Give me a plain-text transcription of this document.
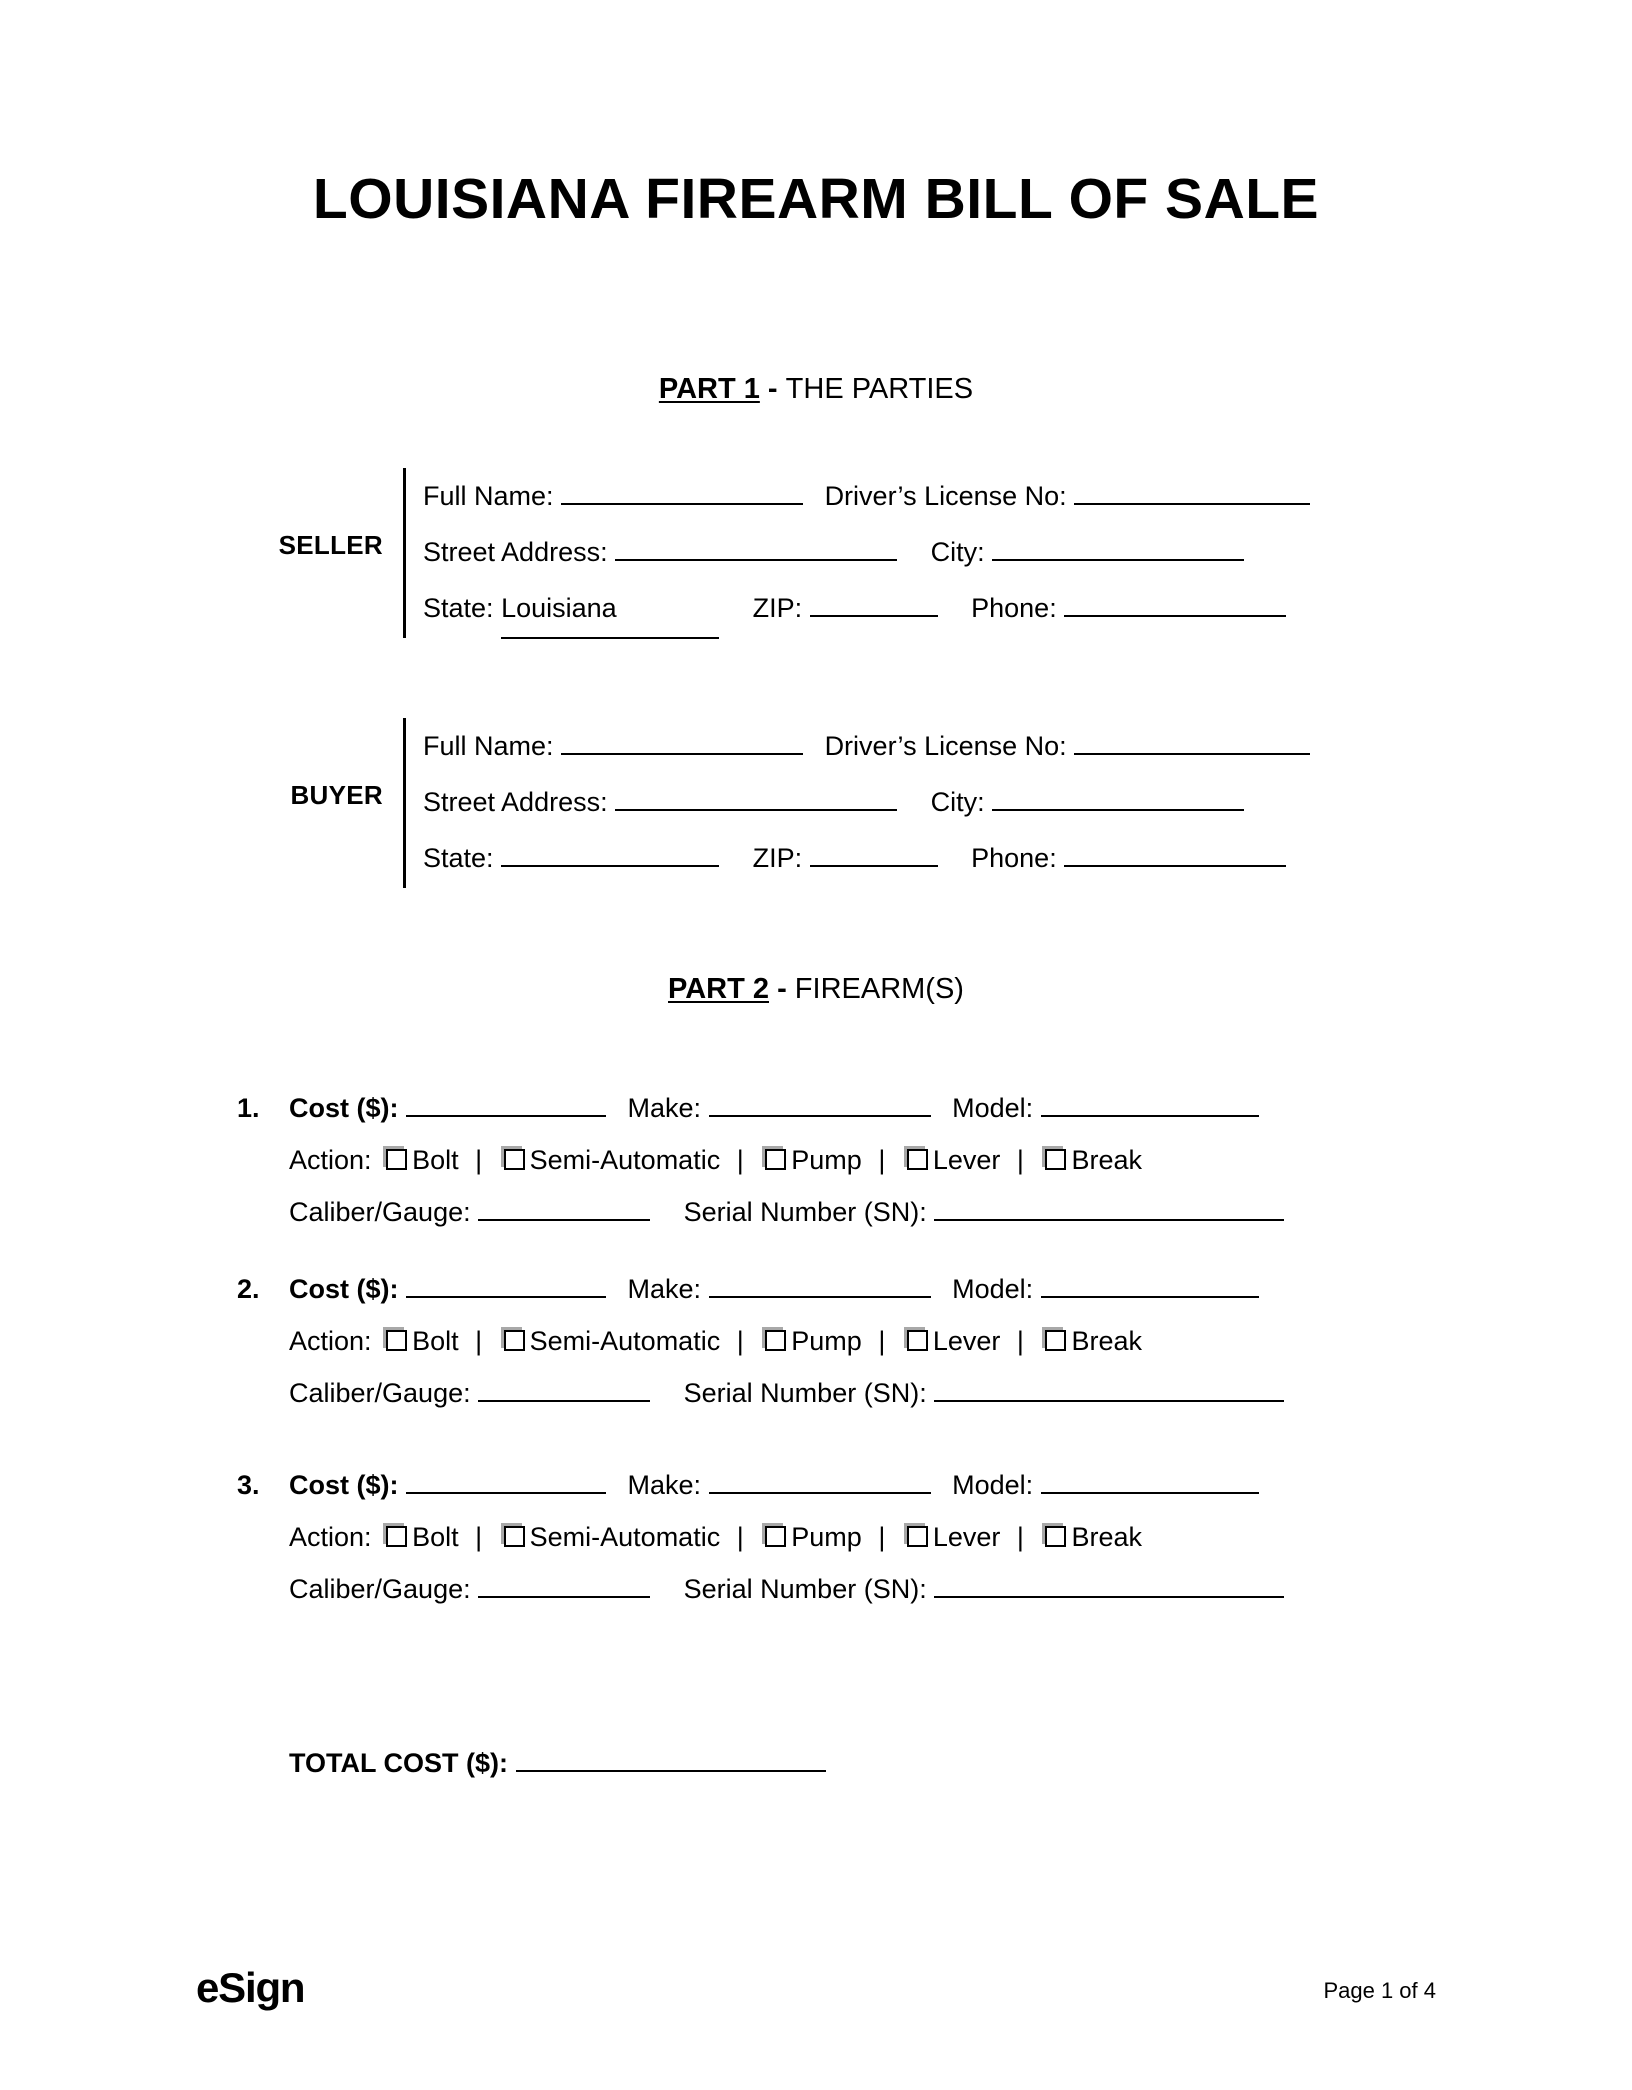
LOUISIANA FIREARM BILL OF SALE
PART 1 - THE PARTIES
SELLER
Full Name:	Driver’s License No:
Street Address:	City:
State: Louisiana	ZIP:	Phone:
BUYER
Full Name:	Driver’s License No:
Street Address:	City:
State:	ZIP:	Phone:
PART 2 - FIREARM(S)
1.	Cost ($):	Make:	Model:
Action: Bolt | Semi-Automatic | Pump | Lever | Break
Caliber/Gauge:	Serial Number (SN):
2.	Cost ($):	Make:	Model:
Action: Bolt | Semi-Automatic | Pump | Lever | Break
Caliber/Gauge:	Serial Number (SN):
3.	Cost ($):	Make:	Model:
Action: Bolt | Semi-Automatic | Pump | Lever | Break
Caliber/Gauge:	Serial Number (SN):
TOTAL COST ($):
eSign	Page 1 of 4
